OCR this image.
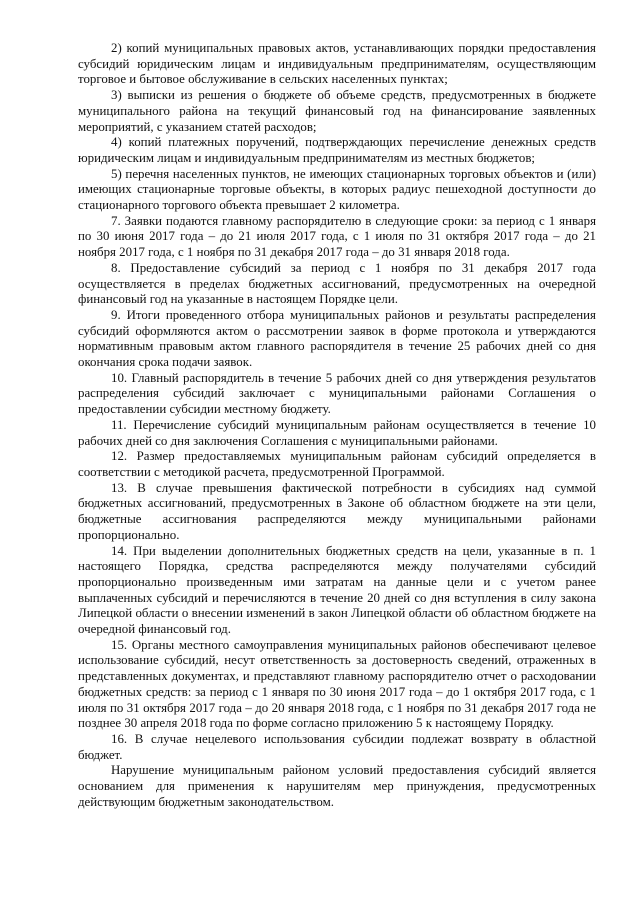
2) копий муниципальных правовых актов, устанавливающих порядки предоставления субсидий юридическим лицам и индивидуальным предпринимателям, осуществляющим торговое и бытовое обслуживание в сельских населенных пунктах;

3) выписки из решения о бюджете об объеме средств, предусмотренных в бюджете муниципального района на текущий финансовый год на финансирование заявленных мероприятий, с указанием статей расходов;

4) копий платежных поручений, подтверждающих перечисление денежных средств юридическим лицам и индивидуальным предпринимателям из местных бюджетов;

5) перечня населенных пунктов, не имеющих стационарных торговых объектов и (или) имеющих стационарные торговые объекты, в которых радиус пешеходной доступности до стационарного торгового объекта превышает 2 километра.

7. Заявки подаются главному распорядителю в следующие сроки: за период с 1 января по 30 июня 2017 года – до 21 июля 2017 года, с 1 июля по 31 октября 2017 года – до 21 ноября 2017 года, с 1 ноября по 31 декабря 2017 года – до 31 января 2018 года.

8. Предоставление субсидий за период с 1 ноября по 31 декабря 2017 года осуществляется в пределах бюджетных ассигнований, предусмотренных на очередной финансовый год на указанные в настоящем Порядке цели.

9. Итоги проведенного отбора муниципальных районов и результаты распределения субсидий оформляются актом о рассмотрении заявок в форме протокола и утверждаются нормативным правовым актом главного распорядителя в течение 25 рабочих дней со дня окончания срока подачи заявок.

10. Главный распорядитель в течение 5 рабочих дней со дня утверждения результатов распределения субсидий заключает с муниципальными районами Соглашения о предоставлении субсидии местному бюджету.

11. Перечисление субсидий муниципальным районам осуществляется в течение 10 рабочих дней со дня заключения Соглашения с муниципальными районами.

12. Размер предоставляемых муниципальным районам субсидий определяется в соответствии с методикой расчета, предусмотренной Программой.

13. В случае превышения фактической потребности в субсидиях над суммой бюджетных ассигнований, предусмотренных в Законе об областном бюджете на эти цели, бюджетные ассигнования распределяются между муниципальными районами пропорционально.

14. При выделении дополнительных бюджетных средств на цели, указанные в п. 1 настоящего Порядка, средства распределяются между получателями субсидий пропорционально произведенным ими затратам на данные цели и с учетом ранее выплаченных субсидий и перечисляются в течение 20 дней со дня вступления в силу закона Липецкой области о внесении изменений в закон Липецкой области об областном бюджете на очередной финансовый год.

15. Органы местного самоуправления муниципальных районов обеспечивают целевое использование субсидий, несут ответственность за достоверность сведений, отраженных в представленных документах, и представляют главному распорядителю отчет о расходовании бюджетных средств: за период с 1 января по 30 июня 2017 года – до 1 октября 2017 года, с 1 июля по 31 октября 2017 года – до 20 января 2018 года, с 1 ноября по 31 декабря 2017 года не позднее 30 апреля 2018 года по форме согласно приложению 5 к настоящему Порядку.

16. В случае нецелевого использования субсидии подлежат возврату в областной бюджет.

Нарушение муниципальным районом условий предоставления субсидий является основанием для применения к нарушителям мер принуждения, предусмотренных действующим бюджетным законодательством.
